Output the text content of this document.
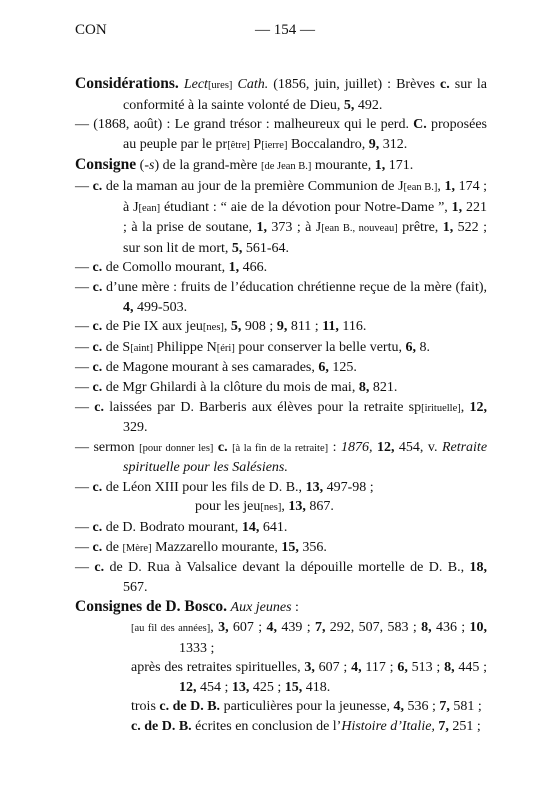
CON	— 154 —
Considérations. Lect[ures] Cath. (1856, juin, juillet) : Brèves c. sur la conformité à la sainte volonté de Dieu, 5, 492.
— (1868, août) : Le grand trésor : malheureux qui le perd. C. proposées au peuple par le pr[être] P[ierre] Boccalandro, 9, 312.
Consigne (-s) de la grand-mère [de Jean B.] mourante, 1, 171.
— c. de la maman au jour de la première Communion de J[ean B.], 1, 174 ; à J[ean] étudiant : “ aie de la dévotion pour Notre-Dame ”, 1, 221 ; à la prise de soutane, 1, 373 ; à J[ean B., nouveau] prêtre, 1, 522 ; sur son lit de mort, 5, 561-64.
— c. de Comollo mourant, 1, 466.
— c. d’une mère : fruits de l’éducation chrétienne reçue de la mère (fait), 4, 499-503.
— c. de Pie IX aux jeu[nes], 5, 908 ; 9, 811 ; 11, 116.
— c. de S[aint] Philippe N[éri] pour conserver la belle vertu, 6, 8.
— c. de Magone mourant à ses camarades, 6, 125.
— c. de Mgr Ghilardi à la clôture du mois de mai, 8, 821.
— c. laissées par D. Barberis aux élèves pour la retraite sp[irituelle], 12, 329.
— sermon [pour donner les] c. [à la fin de la retraite] : 1876, 12, 454, v. Retraite spirituelle pour les Salésiens.
— c. de Léon XIII pour les fils de D. B., 13, 497-98 ;
pour les jeu[nes], 13, 867.
— c. de D. Bodrato mourant, 14, 641.
— c. de [Mère] Mazzarello mourante, 15, 356.
— c. de D. Rua à Valsalice devant la dépouille mortelle de D. B., 18, 567.
Consignes de D. Bosco. Aux jeunes :
[au fil des années], 3, 607 ; 4, 439 ; 7, 292, 507, 583 ; 8, 436 ; 10, 1333 ;
après des retraites spirituelles, 3, 607 ; 4, 117 ; 6, 513 ; 8, 445 ; 12, 454 ; 13, 425 ; 15, 418.
trois c. de D. B. particulières pour la jeunesse, 4, 536 ; 7, 581 ;
c. de D. B. écrites en conclusion de l’Histoire d’Italie, 7, 251 ;
